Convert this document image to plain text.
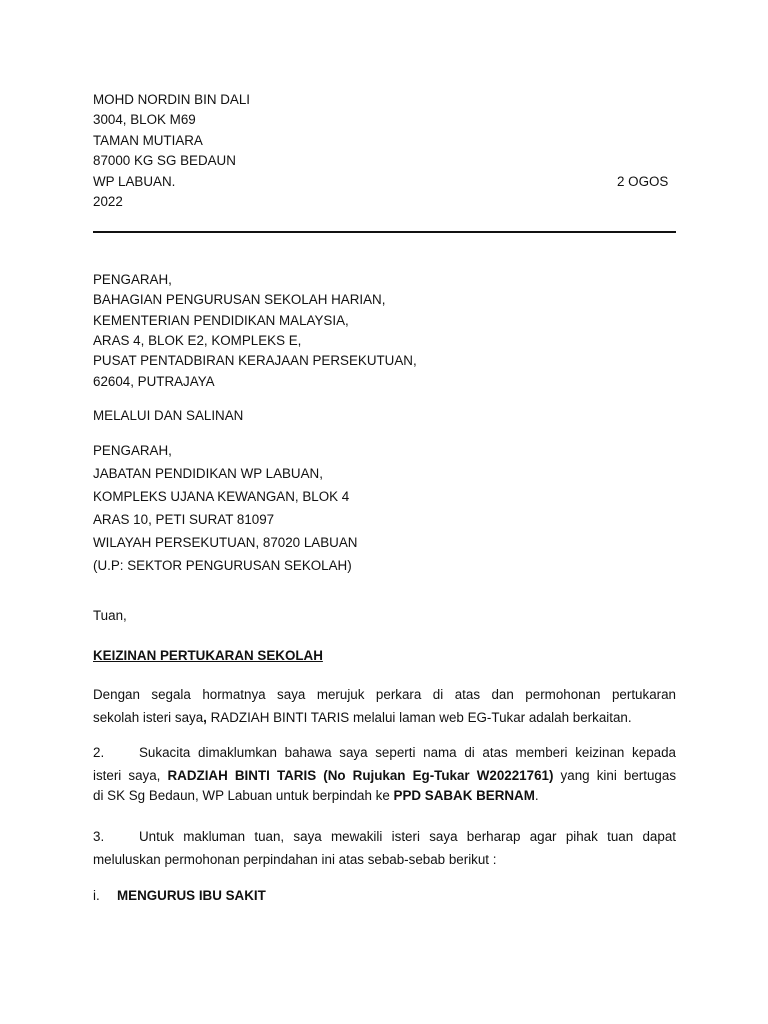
MOHD NORDIN BIN DALI
3004, BLOK M69
TAMAN MUTIARA
87000 KG SG BEDAUN
WP LABUAN.	2 OGOS
2022
PENGARAH,
BAHAGIAN PENGURUSAN SEKOLAH HARIAN,
KEMENTERIAN PENDIDIKAN MALAYSIA,
ARAS 4, BLOK E2, KOMPLEKS E,
PUSAT PENTADBIRAN KERAJAAN PERSEKUTUAN,
62604, PUTRAJAYA
MELALUI DAN SALINAN
PENGARAH,
JABATAN PENDIDIKAN WP LABUAN,
KOMPLEKS UJANA KEWANGAN, BLOK 4
ARAS 10, PETI SURAT 81097
WILAYAH PERSEKUTUAN, 87020 LABUAN
(U.P: SEKTOR PENGURUSAN SEKOLAH)
Tuan,
KEIZINAN PERTUKARAN SEKOLAH
Dengan segala hormatnya saya merujuk perkara di atas dan permohonan pertukaran
sekolah isteri saya, RADZIAH BINTI TARIS melalui laman web EG-Tukar adalah berkaitan.
2.	Sukacita dimaklumkan bahawa saya seperti nama di atas memberi keizinan kepada
isteri saya, RADZIAH BINTI TARIS (No Rujukan Eg-Tukar W20221761) yang kini bertugas
di SK Sg Bedaun, WP Labuan untuk berpindah ke PPD SABAK BERNAM.
3.	Untuk makluman tuan, saya mewakili isteri saya berharap agar pihak tuan dapat
meluluskan permohonan perpindahan ini atas sebab-sebab berikut :
i. MENGURUS IBU SAKIT
